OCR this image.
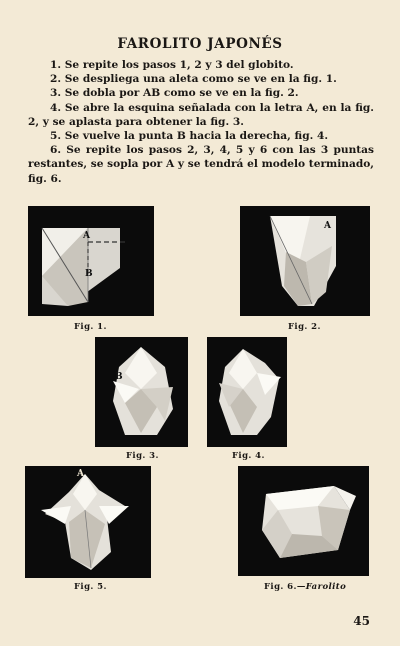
FAROLITO JAPONÉS

1. Se repite los pasos 1, 2 y 3 del globito.

2. Se despliega una aleta como se ve en la fig. 1.

3. Se dobla por AB como se ve en la fig. 2.

4. Se abre la esquina señalada con la letra A, en la fig. 2, y se aplasta para obtener la fig. 3.

5. Se vuelve la punta B hacia la derecha, fig. 4.

6. Se repite los pasos 2, 3, 4, 5 y 6 con las 3 puntas restantes, se sopla por A y se tendrá el modelo terminado, fig. 6.

A
B
Fig. 1.
A
Fig. 2.
B
Fig. 3.	Fig. 4.
A
Fig. 5.	Fig. 6.—Farolito
45
